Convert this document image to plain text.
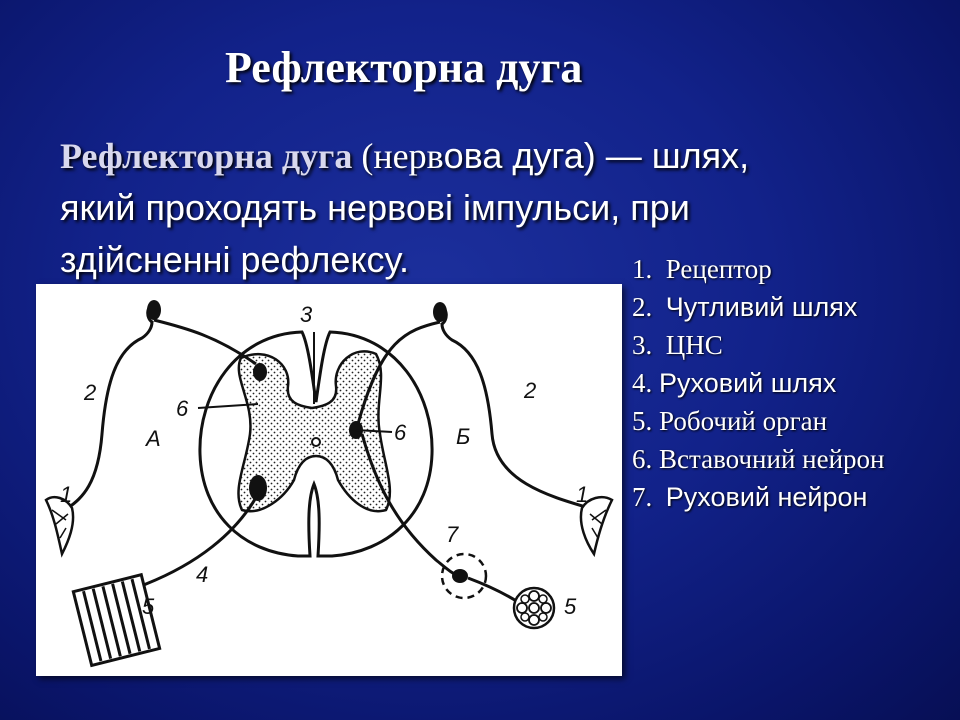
Рефлекторна дуга
Рефлекторна дуга (нервова дуга) — шлях,
який проходять нервові імпульси, при
здійсненні рефлексу.	1. Рецептор
2. Чутливий шлях
3. ЦНС
4. Руховий шлях
5. Робочий орган
6. Вставочний нейрон
7. Руховий нейрон
1	1
2	2
3
4
5	5
6
6
7
А	Б
